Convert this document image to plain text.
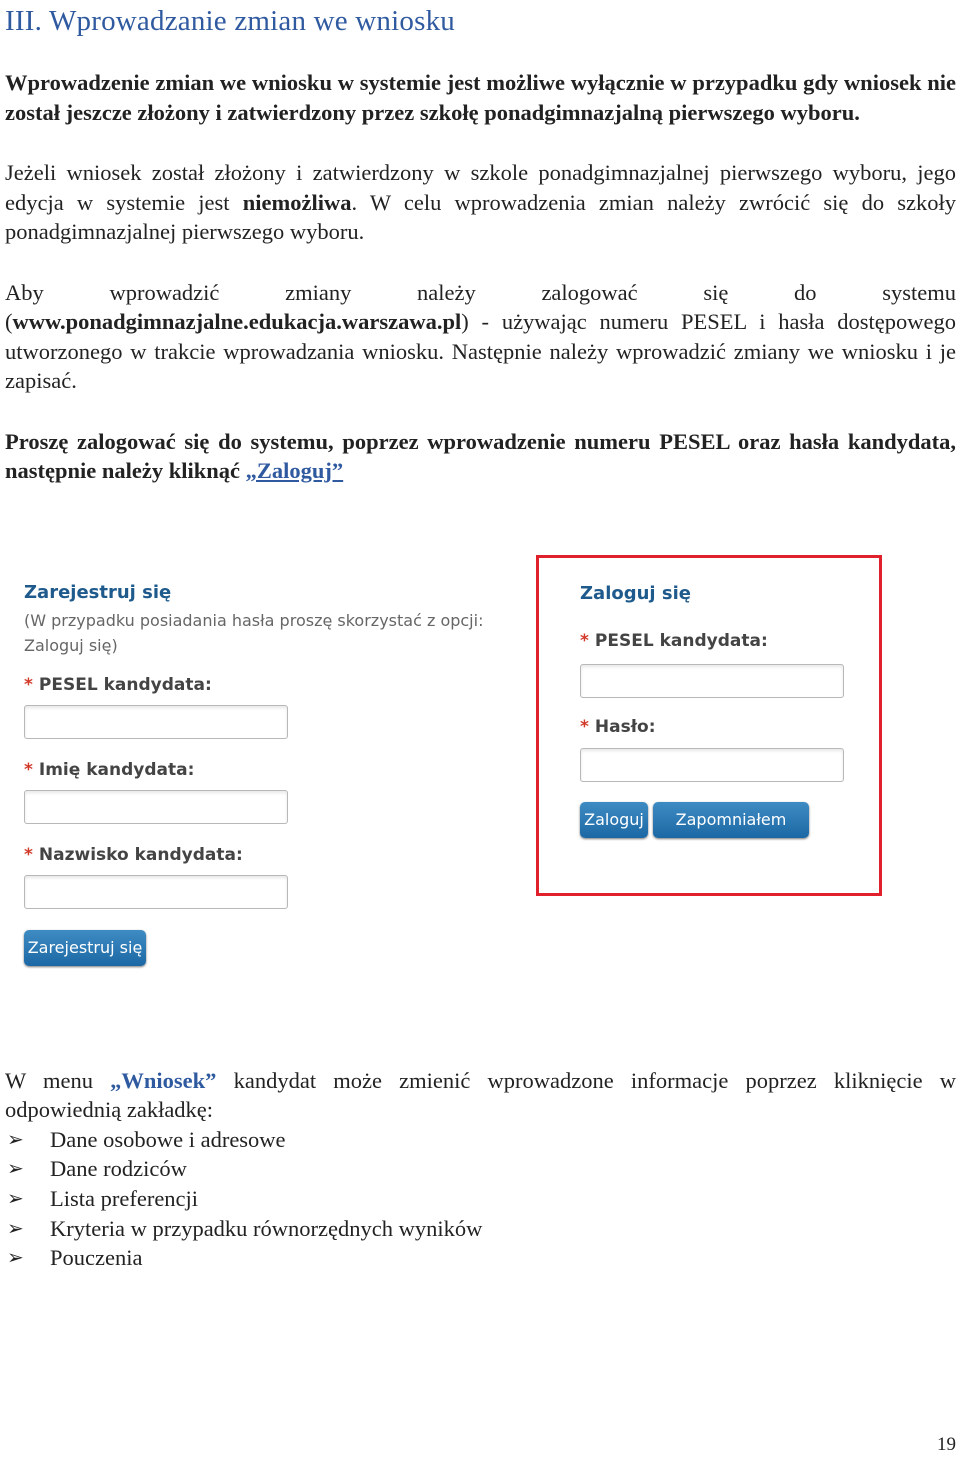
III. Wprowadzanie zmian we wniosku

Wprowadzenie zmian we wniosku w systemie jest możliwe wyłącznie w przypadku gdy wniosek nie został jeszcze złożony i zatwierdzony przez szkołę ponadgimnazjalną pierwszego wyboru.

Jeżeli wniosek został złożony i zatwierdzony w szkole ponadgimnazjalnej pierwszego wyboru, jego edycja w systemie jest niemożliwa. W celu wprowadzenia zmian należy zwrócić się do szkoły ponadgimnazjalnej pierwszego wyboru.

Aby wprowadzić zmiany należy zalogować się do systemu (www.ponadgimnazjalne.edukacja.warszawa.pl) - używając numeru PESEL i hasła dostępowego utworzonego w trakcie wprowadzania wniosku. Następnie należy wprowadzić zmiany we wniosku i je zapisać.

Proszę zalogować się do systemu, poprzez wprowadzenie numeru PESEL oraz hasła kandydata, następnie należy kliknąć „Zaloguj”

W menu „Wniosek” kandydat może zmienić wprowadzone informacje poprzez kliknięcie w odpowiednią zakładkę:

➢ Dane osobowe i adresowe
➢ Dane rodziców
➢ Lista preferencji
➢ Kryteria w przypadku równorzędnych wyników
➢ Pouczenia
Zarejestruj się
(W przypadku posiadania hasła proszę skorzystać z opcji:
Zaloguj się)
* PESEL kandydata:
* Imię kandydata:
* Nazwisko kandydata:
Zarejestruj się
Zaloguj się
* PESEL kandydata:
* Hasło:
Zaloguj	Zapomniałem hasła
19
